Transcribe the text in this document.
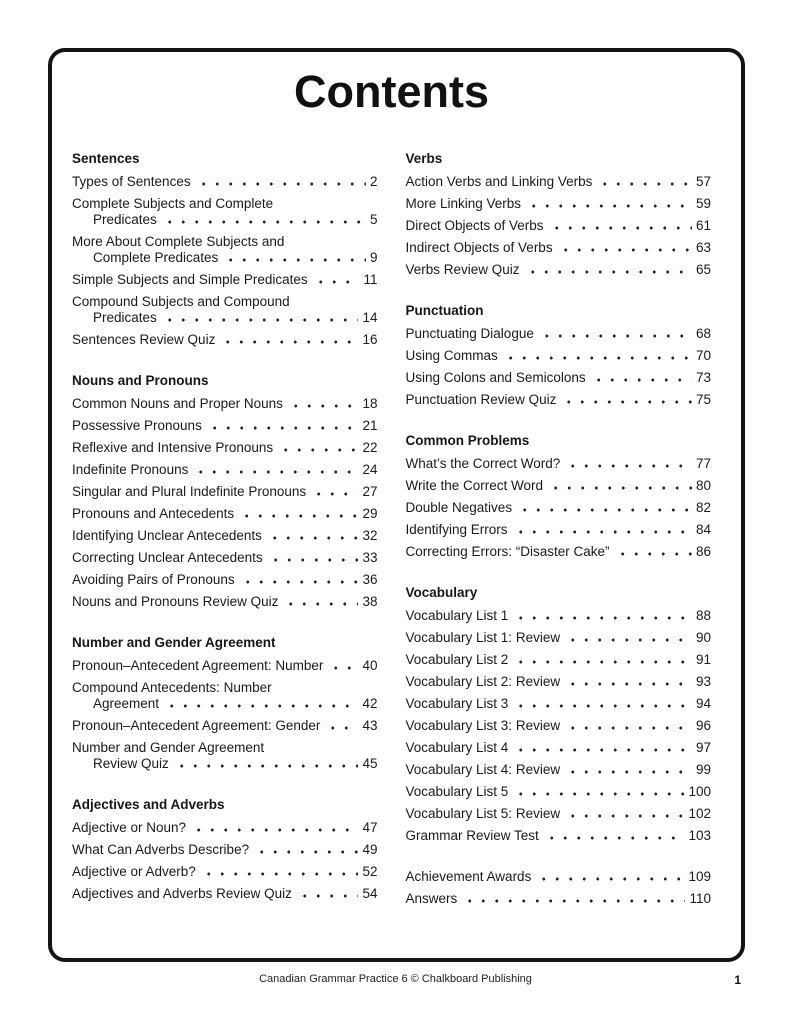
Contents
Sentences
Types of Sentences	2
Complete Subjects and Complete
Predicates	5
More About Complete Subjects and
Complete Predicates	9
Simple Subjects and Simple Predicates	11
Compound Subjects and Compound
Predicates	14
Sentences Review Quiz	16
Nouns and Pronouns
Common Nouns and Proper Nouns	18
Possessive Pronouns	21
Reflexive and Intensive Pronouns	22
Indefinite Pronouns	24
Singular and Plural Indefinite Pronouns	27
Pronouns and Antecedents	29
Identifying Unclear Antecedents	32
Correcting Unclear Antecedents	33
Avoiding Pairs of Pronouns	36
Nouns and Pronouns Review Quiz	38
Number and Gender Agreement
Pronoun–Antecedent Agreement: Number	40
Compound Antecedents: Number
Agreement	42
Pronoun–Antecedent Agreement: Gender	43
Number and Gender Agreement
Review Quiz	45
Adjectives and Adverbs
Adjective or Noun?	47
What Can Adverbs Describe?	49
Adjective or Adverb?	52
Adjectives and Adverbs Review Quiz	54
Verbs
Action Verbs and Linking Verbs	57
More Linking Verbs	59
Direct Objects of Verbs	61
Indirect Objects of Verbs	63
Verbs Review Quiz	65
Punctuation
Punctuating Dialogue	68
Using Commas	70
Using Colons and Semicolons	73
Punctuation Review Quiz	75
Common Problems
What’s the Correct Word?	77
Write the Correct Word	80
Double Negatives	82
Identifying Errors	84
Correcting Errors: “Disaster Cake”	86
Vocabulary
Vocabulary List 1	88
Vocabulary List 1: Review	90
Vocabulary List 2	91
Vocabulary List 2: Review	93
Vocabulary List 3	94
Vocabulary List 3: Review	96
Vocabulary List 4	97
Vocabulary List 4: Review	99
Vocabulary List 5	100
Vocabulary List 5: Review	102
Grammar Review Test	103
Achievement Awards	109
Answers	110
Canadian Grammar Practice 6 © Chalkboard Publishing	1
